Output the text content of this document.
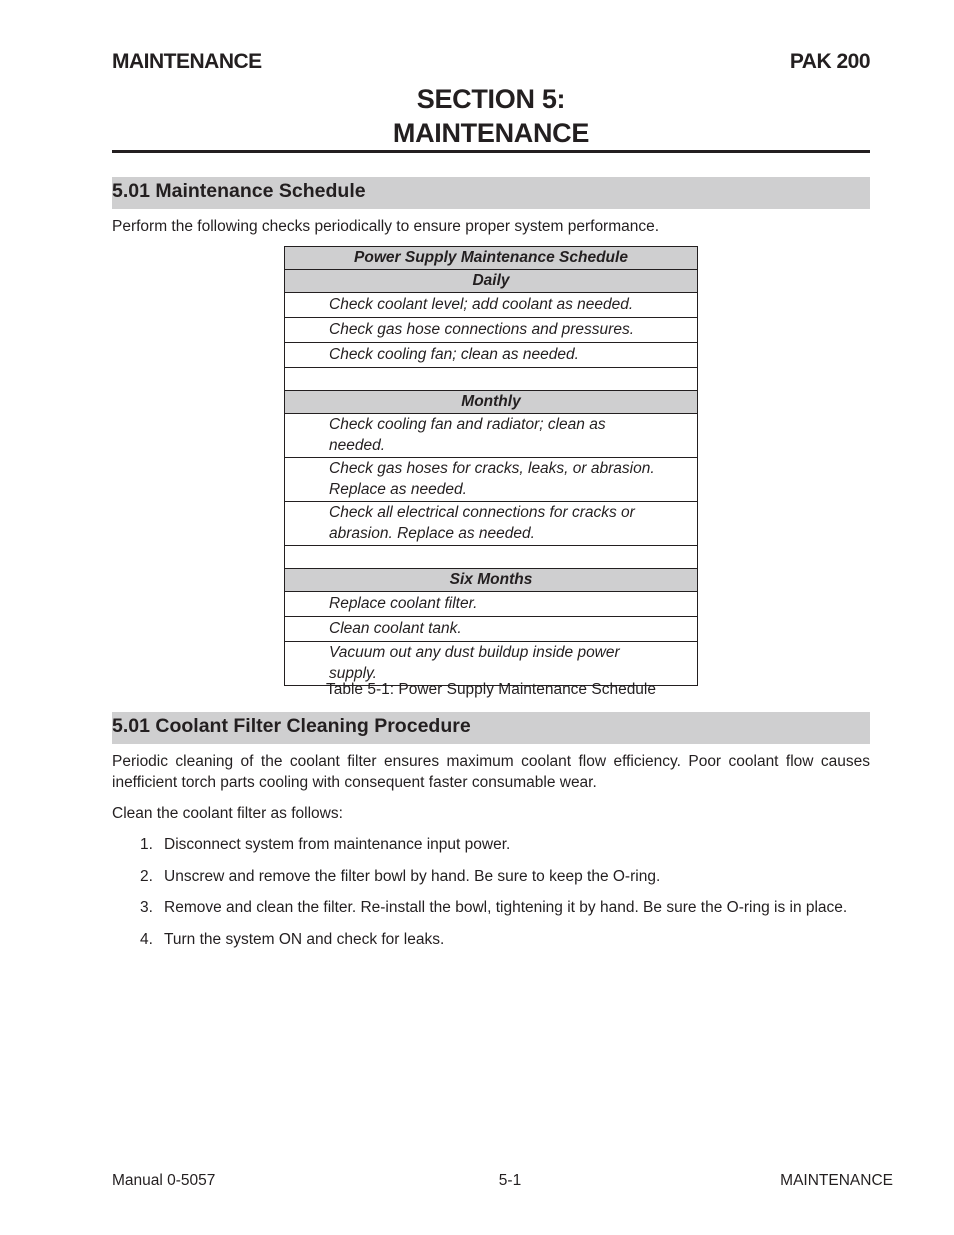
MAINTENANCE	PAK 200
SECTION 5:
MAINTENANCE
5.01 Maintenance Schedule
Perform the following checks periodically to ensure proper system performance.
Power Supply Maintenance Schedule
Daily
Check coolant level; add coolant as needed.
Check gas hose connections and pressures.
Check cooling fan; clean as needed.

Monthly
Check cooling fan and radiator; clean as needed.
Check gas hoses for cracks, leaks, or abrasion. Replace as needed.
Check all electrical connections for cracks or abrasion. Replace as needed.

Six Months
Replace coolant filter.
Clean coolant tank.
Vacuum out any dust buildup inside power supply.
Table 5-1: Power Supply Maintenance Schedule
5.01 Coolant Filter Cleaning Procedure
Periodic cleaning of the coolant filter ensures maximum coolant flow efficiency. Poor coolant flow causes inefficient torch parts cooling with consequent faster consumable wear.
Clean the coolant filter as follows:
1. Disconnect system from maintenance input power.
2. Unscrew and remove the filter bowl by hand. Be sure to keep the O-ring.
3. Remove and clean the filter. Re-install the bowl, tightening it by hand. Be sure the O-ring is in place.
4. Turn the system ON and check for leaks.
Manual 0-5057	5-1	MAINTENANCE
